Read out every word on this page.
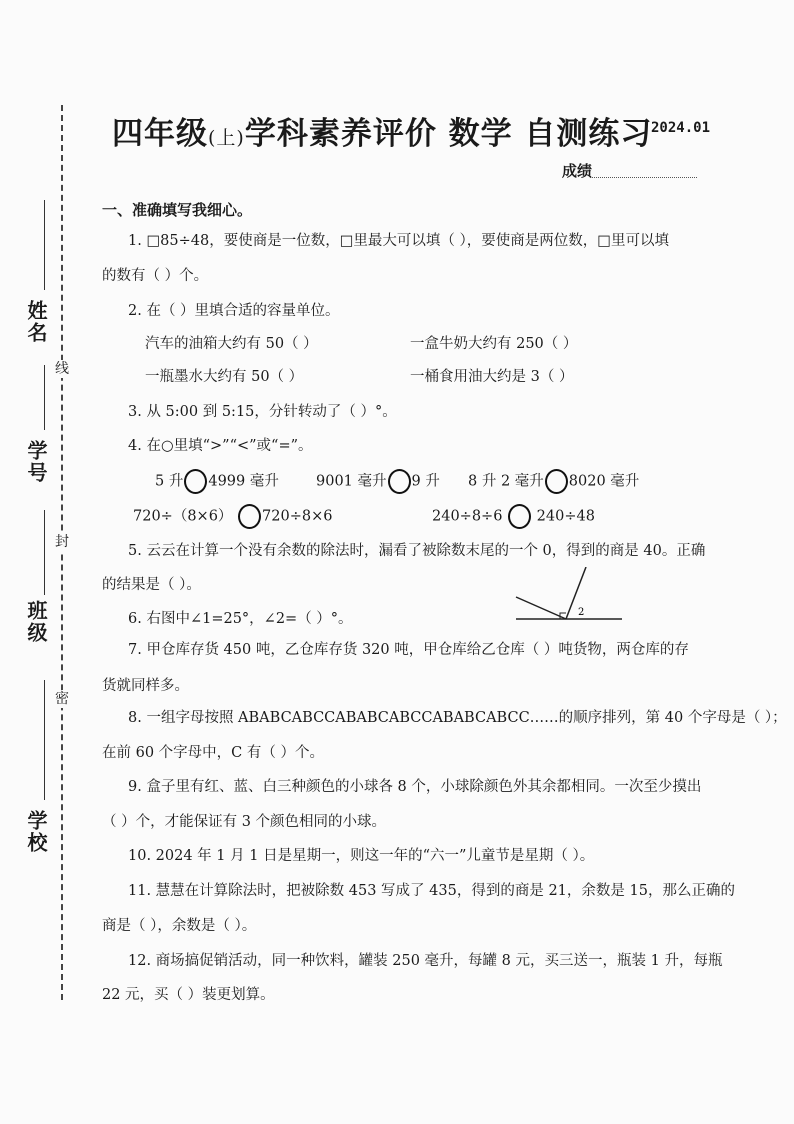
线
封
密
姓名
学号
班级
学校
四年级(上)学科素养评价 数学 自测练习
2024.01
成绩
一、准确填写我细心。
1. □85÷48，要使商是一位数，□里最大可以填（ ），要使商是两位数，□里可以填
的数有（ ）个。
2. 在（ ）里填合适的容量单位。
汽车的油箱大约有 50（ ）	一盒牛奶大约有 250（ ）
一瓶墨水大约有 50（ ）	一桶食用油大约是 3（ ）
3. 从 5:00 到 5:15，分针转动了（ ）°。
4. 在○里填“>”“<”或“=”。
5 升 4999 毫升	9001 毫升 9 升 8 升 2 毫升 8020 毫升
720÷（8×6） 720÷8×6	240÷8÷6 240÷48
5. 云云在计算一个没有余数的除法时，漏看了被除数末尾的一个 0，得到的商是 40。正确
的结果是（ ）。
6. 右图中∠1=25°，∠2=（ ）°。	2
7. 甲仓库存货 450 吨，乙仓库存货 320 吨，甲仓库给乙仓库（ ）吨货物，两仓库的存
货就同样多。
8. 一组字母按照 ABABCABCCABABCABCCABABCABCC……的顺序排列，第 40 个字母是（ ）；
在前 60 个字母中，C 有（ ）个。
9. 盒子里有红、蓝、白三种颜色的小球各 8 个，小球除颜色外其余都相同。一次至少摸出
（ ）个，才能保证有 3 个颜色相同的小球。
10. 2024 年 1 月 1 日是星期一，则这一年的“六一”儿童节是星期（ ）。
11. 慧慧在计算除法时，把被除数 453 写成了 435，得到的商是 21，余数是 15，那么正确的
商是（ ），余数是（ ）。
12. 商场搞促销活动，同一种饮料，罐装 250 毫升，每罐 8 元，买三送一，瓶装 1 升，每瓶
22 元，买（ ）装更划算。
